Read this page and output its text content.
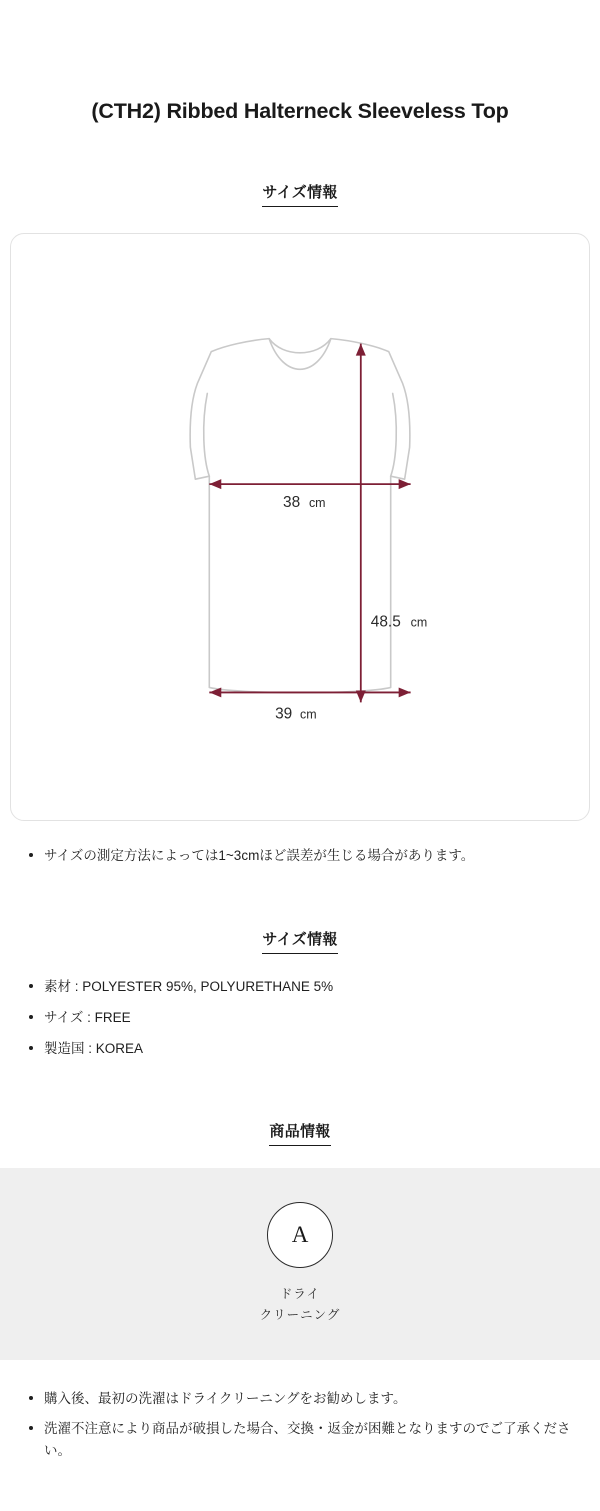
(CTH2) Ribbed Halterneck Sleeveless Top
サイズ情報
38 cm
48.5 cm
39 cm
サイズの測定方法によっては1~3cmほど誤差が生じる場合があります。
サイズ情報
素材 : POLYESTER 95%, POLYURETHANE 5%
サイズ : FREE
製造国 : KOREA
商品情報
A
ドライ
クリーニング
購入後、最初の洗濯はドライクリーニングをお勧めします。
洗濯不注意により商品が破損した場合、交換・返金が困難となりますのでご了承ください。
